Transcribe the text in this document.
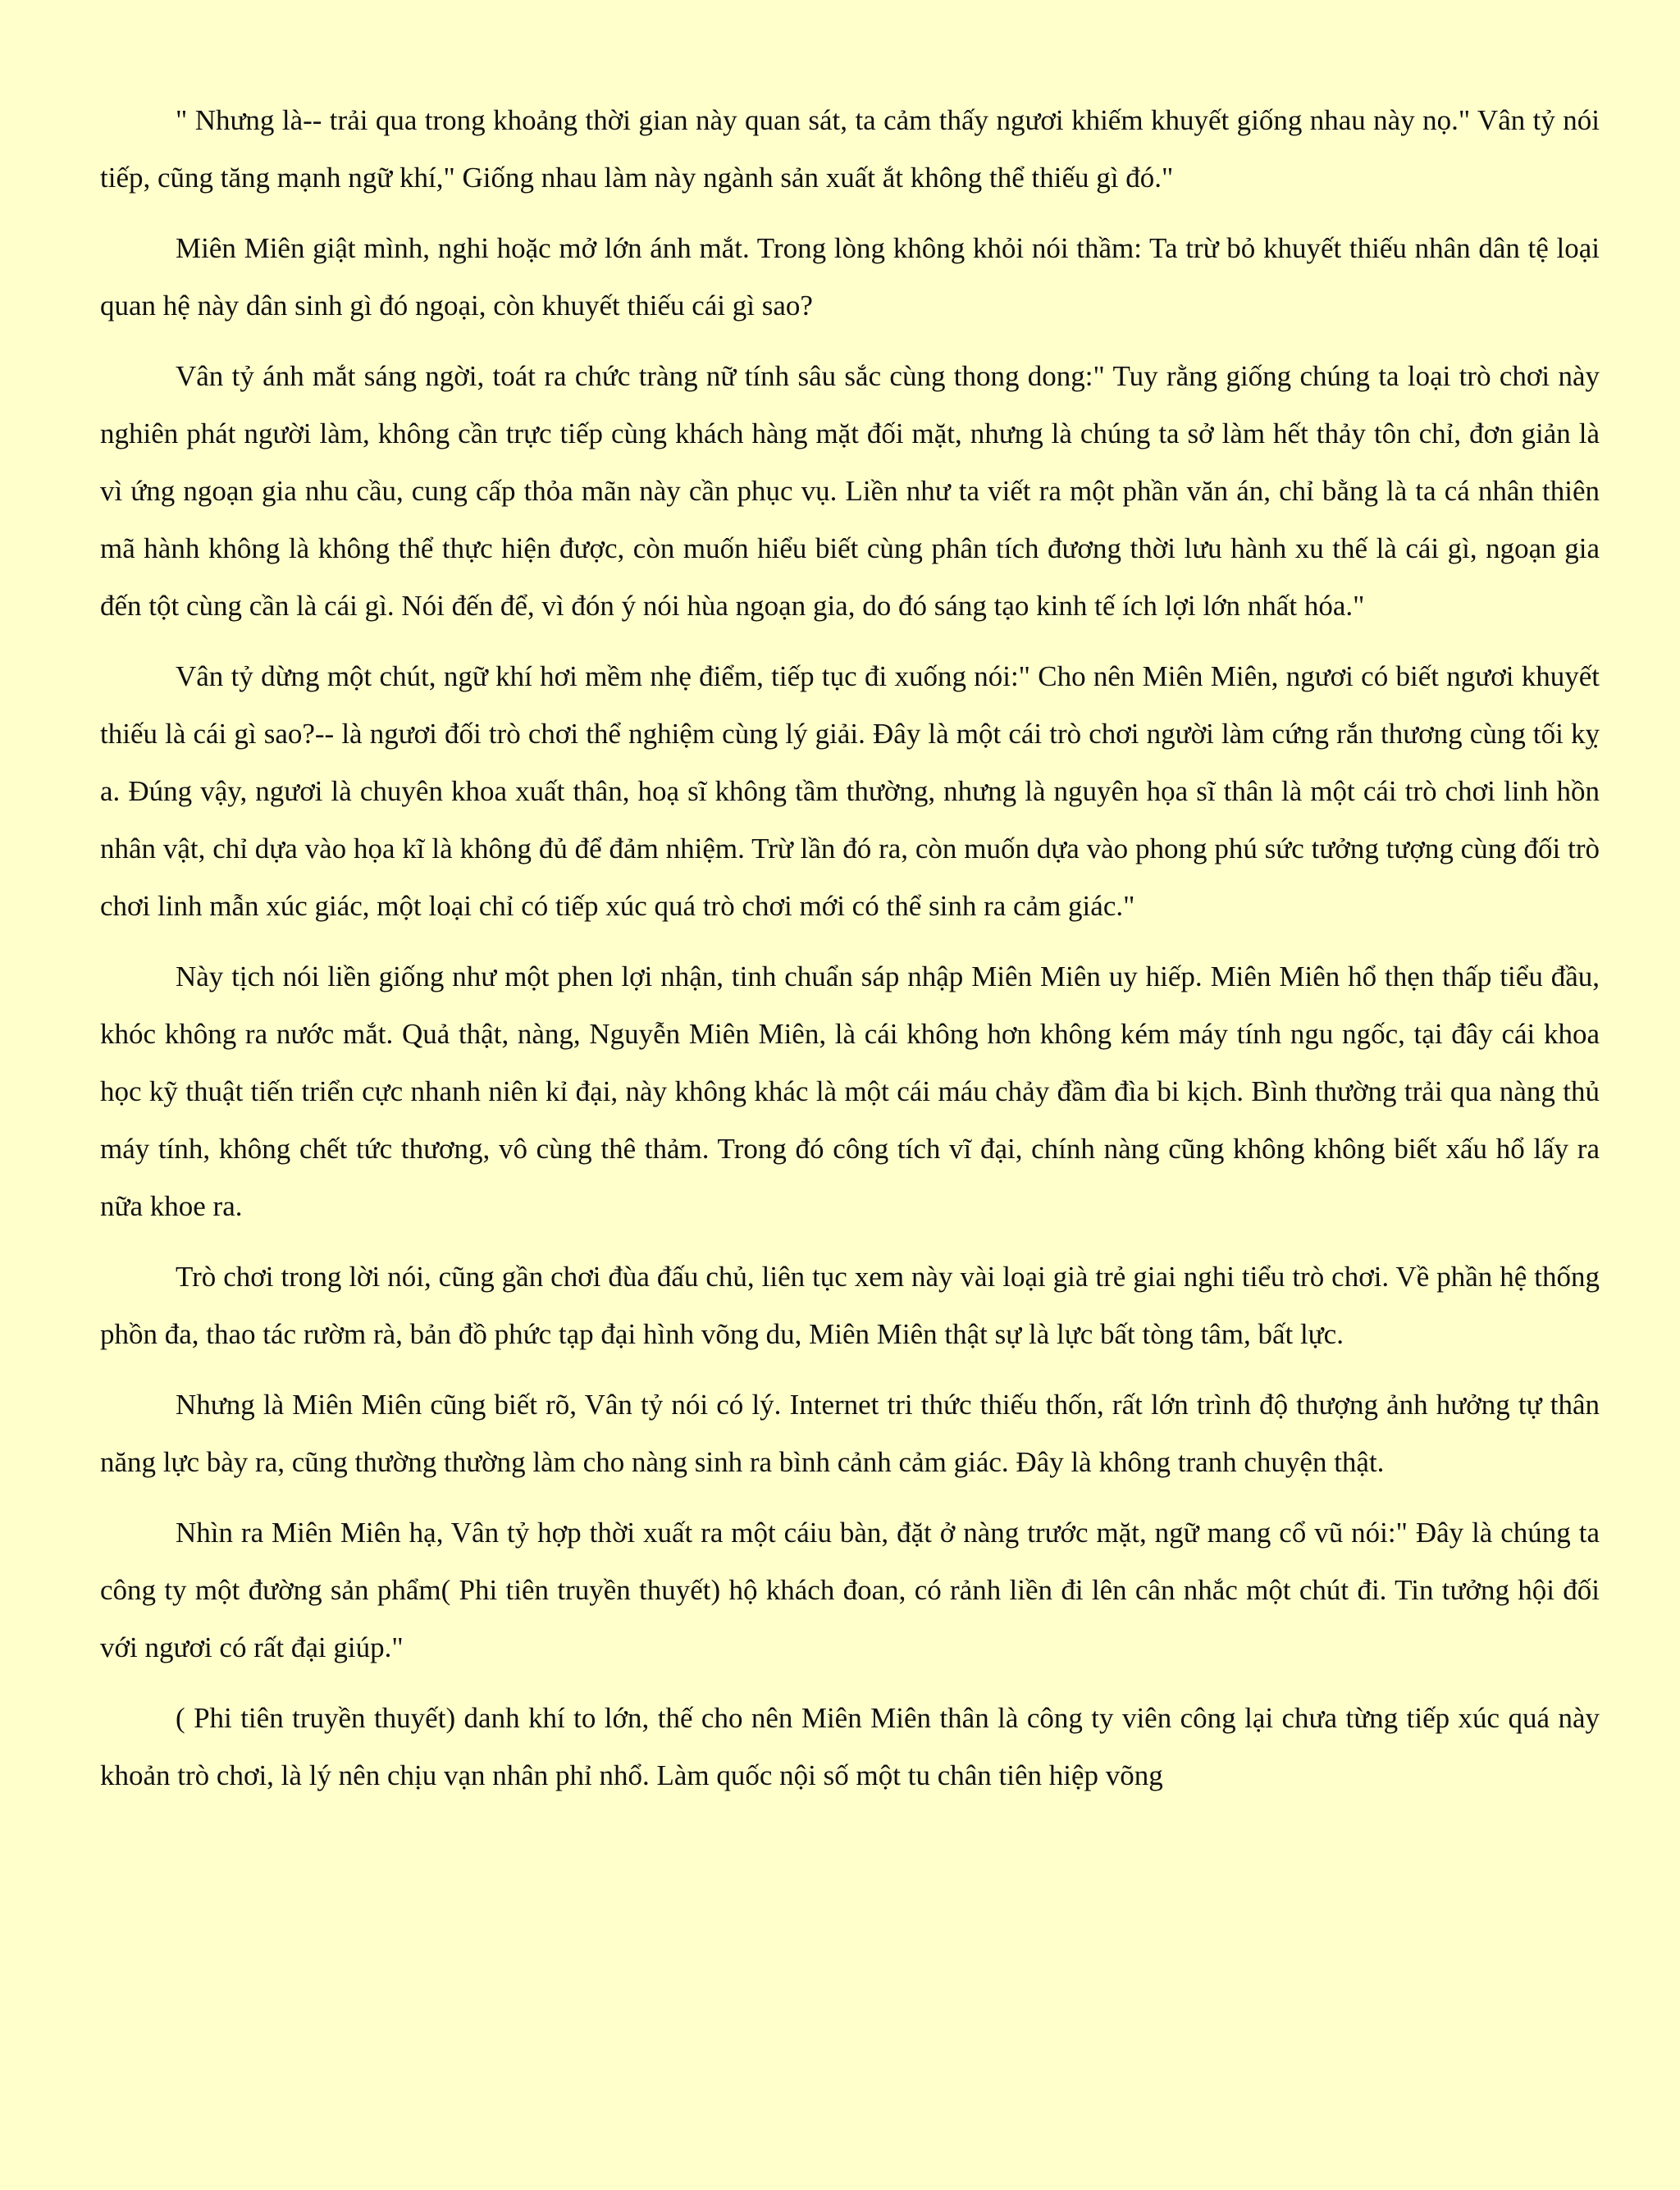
" Nhưng là-- trải qua trong khoảng thời gian này quan sát, ta cảm thấy ngươi khiếm khuyết giống nhau này nọ." Vân tỷ nói tiếp, cũng tăng mạnh ngữ khí," Giống nhau làm này ngành sản xuất ắt không thể thiếu gì đó."

Miên Miên giật mình, nghi hoặc mở lớn ánh mắt. Trong lòng không khỏi nói thầm: Ta trừ bỏ khuyết thiếu nhân dân tệ loại quan hệ này dân sinh gì đó ngoại, còn khuyết thiếu cái gì sao?

Vân tỷ ánh mắt sáng ngời, toát ra chức tràng nữ tính sâu sắc cùng thong dong:" Tuy rằng giống chúng ta loại trò chơi này nghiên phát người làm, không cần trực tiếp cùng khách hàng mặt đối mặt, nhưng là chúng ta sở làm hết thảy tôn chỉ, đơn giản là vì ứng ngoạn gia nhu cầu, cung cấp thỏa mãn này cần phục vụ. Liền như ta viết ra một phần văn án, chỉ bằng là ta cá nhân thiên mã hành không là không thể thực hiện được, còn muốn hiểu biết cùng phân tích đương thời lưu hành xu thế là cái gì, ngoạn gia đến tột cùng cần là cái gì. Nói đến để, vì đón ý nói hùa ngoạn gia, do đó sáng tạo kinh tế ích lợi lớn nhất hóa."

Vân tỷ dừng một chút, ngữ khí hơi mềm nhẹ điểm, tiếp tục đi xuống nói:" Cho nên Miên Miên, ngươi có biết ngươi khuyết thiếu là cái gì sao?-- là ngươi đối trò chơi thể nghiệm cùng lý giải. Đây là một cái trò chơi người làm cứng rắn thương cùng tối kỵ a. Đúng vậy, ngươi là chuyên khoa xuất thân, hoạ sĩ không tầm thường, nhưng là nguyên họa sĩ thân là một cái trò chơi linh hồn nhân vật, chỉ dựa vào họa kĩ là không đủ để đảm nhiệm. Trừ lần đó ra, còn muốn dựa vào phong phú sức tưởng tượng cùng đối trò chơi linh mẫn xúc giác, một loại chỉ có tiếp xúc quá trò chơi mới có thể sinh ra cảm giác."

Này tịch nói liền giống như một phen lợi nhận, tinh chuẩn sáp nhập Miên Miên uy hiếp. Miên Miên hổ thẹn thấp tiểu đầu, khóc không ra nước mắt. Quả thật, nàng, Nguyễn Miên Miên, là cái không hơn không kém máy tính ngu ngốc, tại đây cái khoa học kỹ thuật tiến triển cực nhanh niên kỉ đại, này không khác là một cái máu chảy đầm đìa bi kịch. Bình thường trải qua nàng thủ máy tính, không chết tức thương, vô cùng thê thảm. Trong đó công tích vĩ đại, chính nàng cũng không không biết xấu hổ lấy ra nữa khoe ra.

Trò chơi trong lời nói, cũng gần chơi đùa đấu chủ, liên tục xem này vài loại già trẻ giai nghi tiểu trò chơi. Về phần hệ thống phồn đa, thao tác rườm rà, bản đồ phức tạp đại hình võng du, Miên Miên thật sự là lực bất tòng tâm, bất lực.

Nhưng là Miên Miên cũng biết rõ, Vân tỷ nói có lý. Internet tri thức thiếu thốn, rất lớn trình độ thượng ảnh hưởng tự thân năng lực bày ra, cũng thường thường làm cho nàng sinh ra bình cảnh cảm giác. Đây là không tranh chuyện thật.

Nhìn ra Miên Miên hạ, Vân tỷ hợp thời xuất ra một cáiu bàn, đặt ở nàng trước mặt, ngữ mang cổ vũ nói:" Đây là chúng ta công ty một đường sản phẩm( Phi tiên truyền thuyết) hộ khách đoan, có rảnh liền đi lên cân nhắc một chút đi. Tin tưởng hội đối với ngươi có rất đại giúp."

( Phi tiên truyền thuyết) danh khí to lớn, thế cho nên Miên Miên thân là công ty viên công lại chưa từng tiếp xúc quá này khoản trò chơi, là lý nên chịu vạn nhân phỉ nhổ. Làm quốc nội số một tu chân tiên hiệp võng
